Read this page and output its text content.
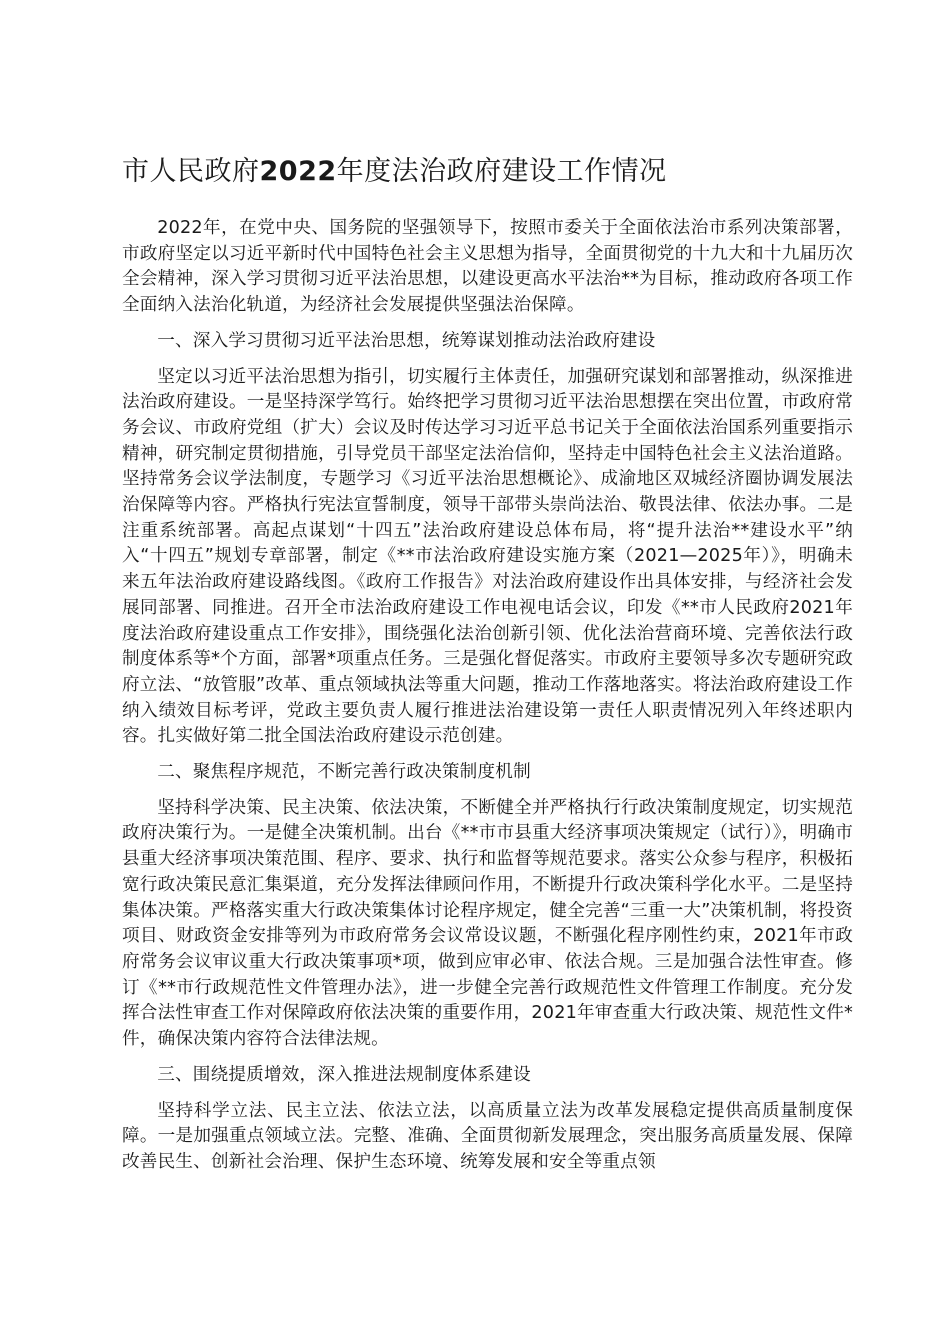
市人民政府2022年度法治政府建设工作情况

2022年，在党中央、国务院的坚强领导下，按照市委关于全面依法治市系列决策部署，市政府坚定以习近平新时代中国特色社会主义思想为指导，全面贯彻党的十九大和十九届历次全会精神，深入学习贯彻习近平法治思想，以建设更高水平法治**为目标，推动政府各项工作全面纳入法治化轨道，为经济社会发展提供坚强法治保障。

一、深入学习贯彻习近平法治思想，统筹谋划推动法治政府建设

坚定以习近平法治思想为指引，切实履行主体责任，加强研究谋划和部署推动，纵深推进法治政府建设。一是坚持深学笃行。始终把学习贯彻习近平法治思想摆在突出位置，市政府常务会议、市政府党组（扩大）会议及时传达学习习近平总书记关于全面依法治国系列重要指示精神，研究制定贯彻措施，引导党员干部坚定法治信仰，坚持走中国特色社会主义法治道路。坚持常务会议学法制度，专题学习《习近平法治思想概论》、成渝地区双城经济圈协调发展法治保障等内容。严格执行宪法宣誓制度，领导干部带头崇尚法治、敬畏法律、依法办事。二是注重系统部署。高起点谋划“十四五”法治政府建设总体布局，将“提升法治**建设水平”纳入“十四五”规划专章部署，制定《**市法治政府建设实施方案（2021—2025年）》，明确未来五年法治政府建设路线图。《政府工作报告》对法治政府建设作出具体安排，与经济社会发展同部署、同推进。召开全市法治政府建设工作电视电话会议，印发《**市人民政府2021年度法治政府建设重点工作安排》，围绕强化法治创新引领、优化法治营商环境、完善依法行政制度体系等*个方面，部署*项重点任务。三是强化督促落实。市政府主要领导多次专题研究政府立法、“放管服”改革、重点领域执法等重大问题，推动工作落地落实。将法治政府建设工作纳入绩效目标考评，党政主要负责人履行推进法治建设第一责任人职责情况列入年终述职内容。扎实做好第二批全国法治政府建设示范创建。

二、聚焦程序规范，不断完善行政决策制度机制

坚持科学决策、民主决策、依法决策，不断健全并严格执行行政决策制度规定，切实规范政府决策行为。一是健全决策机制。出台《**市市县重大经济事项决策规定（试行）》，明确市县重大经济事项决策范围、程序、要求、执行和监督等规范要求。落实公众参与程序，积极拓宽行政决策民意汇集渠道，充分发挥法律顾问作用，不断提升行政决策科学化水平。二是坚持集体决策。严格落实重大行政决策集体讨论程序规定，健全完善“三重一大”决策机制，将投资项目、财政资金安排等列为市政府常务会议常设议题，不断强化程序刚性约束，2021年市政府常务会议审议重大行政决策事项*项，做到应审必审、依法合规。三是加强合法性审查。修订《**市行政规范性文件管理办法》，进一步健全完善行政规范性文件管理工作制度。充分发挥合法性审查工作对保障政府依法决策的重要作用，2021年审查重大行政决策、规范性文件*件，确保决策内容符合法律法规。

三、围绕提质增效，深入推进法规制度体系建设

坚持科学立法、民主立法、依法立法，以高质量立法为改革发展稳定提供高质量制度保障。一是加强重点领域立法。完整、准确、全面贯彻新发展理念，突出服务高质量发展、保障改善民生、创新社会治理、保护生态环境、统筹发展和安全等重点领
